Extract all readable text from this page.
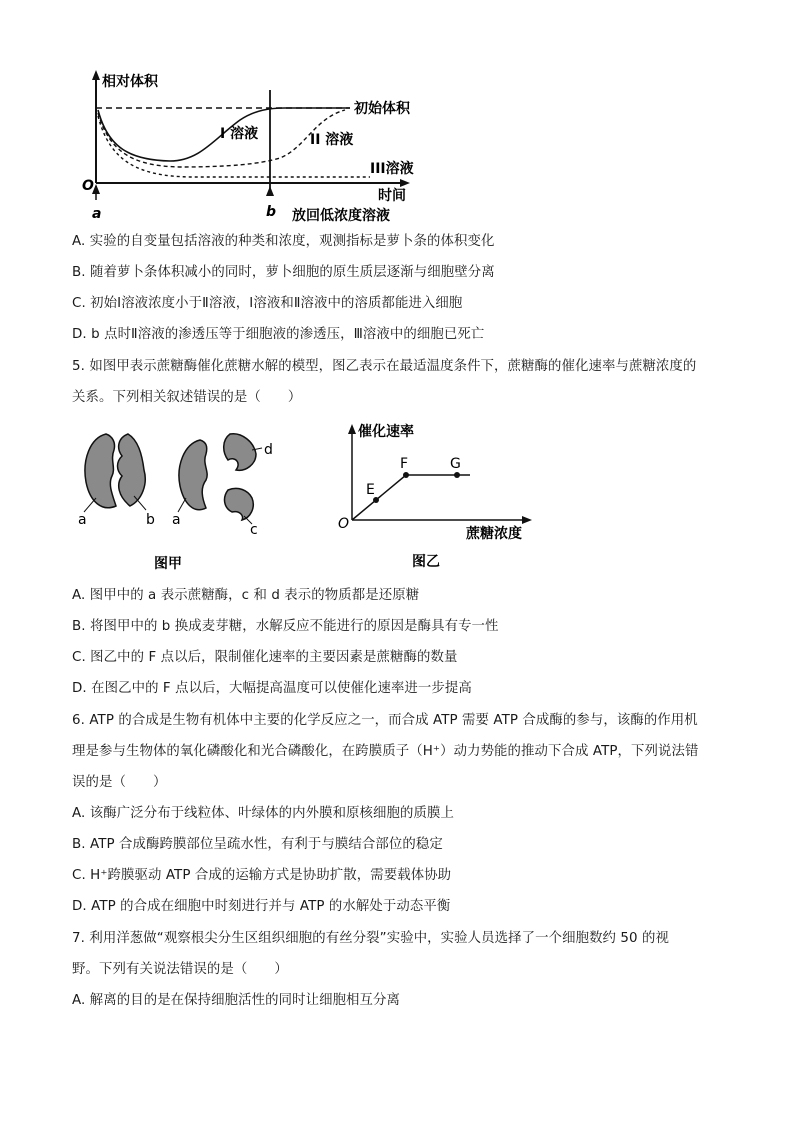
相对体积
时间
O
a	b 放回低浓度溶液
初始体积
I 溶液	II 溶液
III溶液
A. 实验的自变量包括溶液的种类和浓度，观测指标是萝卜条的体积变化
B. 随着萝卜条体积减小的同时，萝卜细胞的原生质层逐渐与细胞壁分离
C. 初始Ⅰ溶液浓度小于Ⅱ溶液，Ⅰ溶液和Ⅱ溶液中的溶质都能进入细胞
D. b 点时Ⅱ溶液的渗透压等于细胞液的渗透压，Ⅲ溶液中的细胞已死亡
5. 如图甲表示蔗糖酶催化蔗糖水解的模型，图乙表示在最适温度条件下，蔗糖酶的催化速率与蔗糖浓度的
关系。下列相关叙述错误的是（　　）
a	b a
c
d
图甲
催化速率
蔗糖浓度
O
E
F	G
图乙
A. 图甲中的 a 表示蔗糖酶，c 和 d 表示的物质都是还原糖
B. 将图甲中的 b 换成麦芽糖，水解反应不能进行的原因是酶具有专一性
C. 图乙中的 F 点以后，限制催化速率的主要因素是蔗糖酶的数量
D. 在图乙中的 F 点以后，大幅提高温度可以使催化速率进一步提高
6. ATP 的合成是生物有机体中主要的化学反应之一，而合成 ATP 需要 ATP 合成酶的参与，该酶的作用机
理是参与生物体的氧化磷酸化和光合磷酸化，在跨膜质子（H⁺）动力势能的推动下合成 ATP，下列说法错
误的是（　　）
A. 该酶广泛分布于线粒体、叶绿体的内外膜和原核细胞的质膜上
B. ATP 合成酶跨膜部位呈疏水性，有利于与膜结合部位的稳定
C. H⁺跨膜驱动 ATP 合成的运输方式是协助扩散，需要载体协助
D. ATP 的合成在细胞中时刻进行并与 ATP 的水解处于动态平衡
7. 利用洋葱做“观察根尖分生区组织细胞的有丝分裂”实验中，实验人员选择了一个细胞数约 50 的视
野。下列有关说法错误的是（　　）
A. 解离的目的是在保持细胞活性的同时让细胞相互分离
